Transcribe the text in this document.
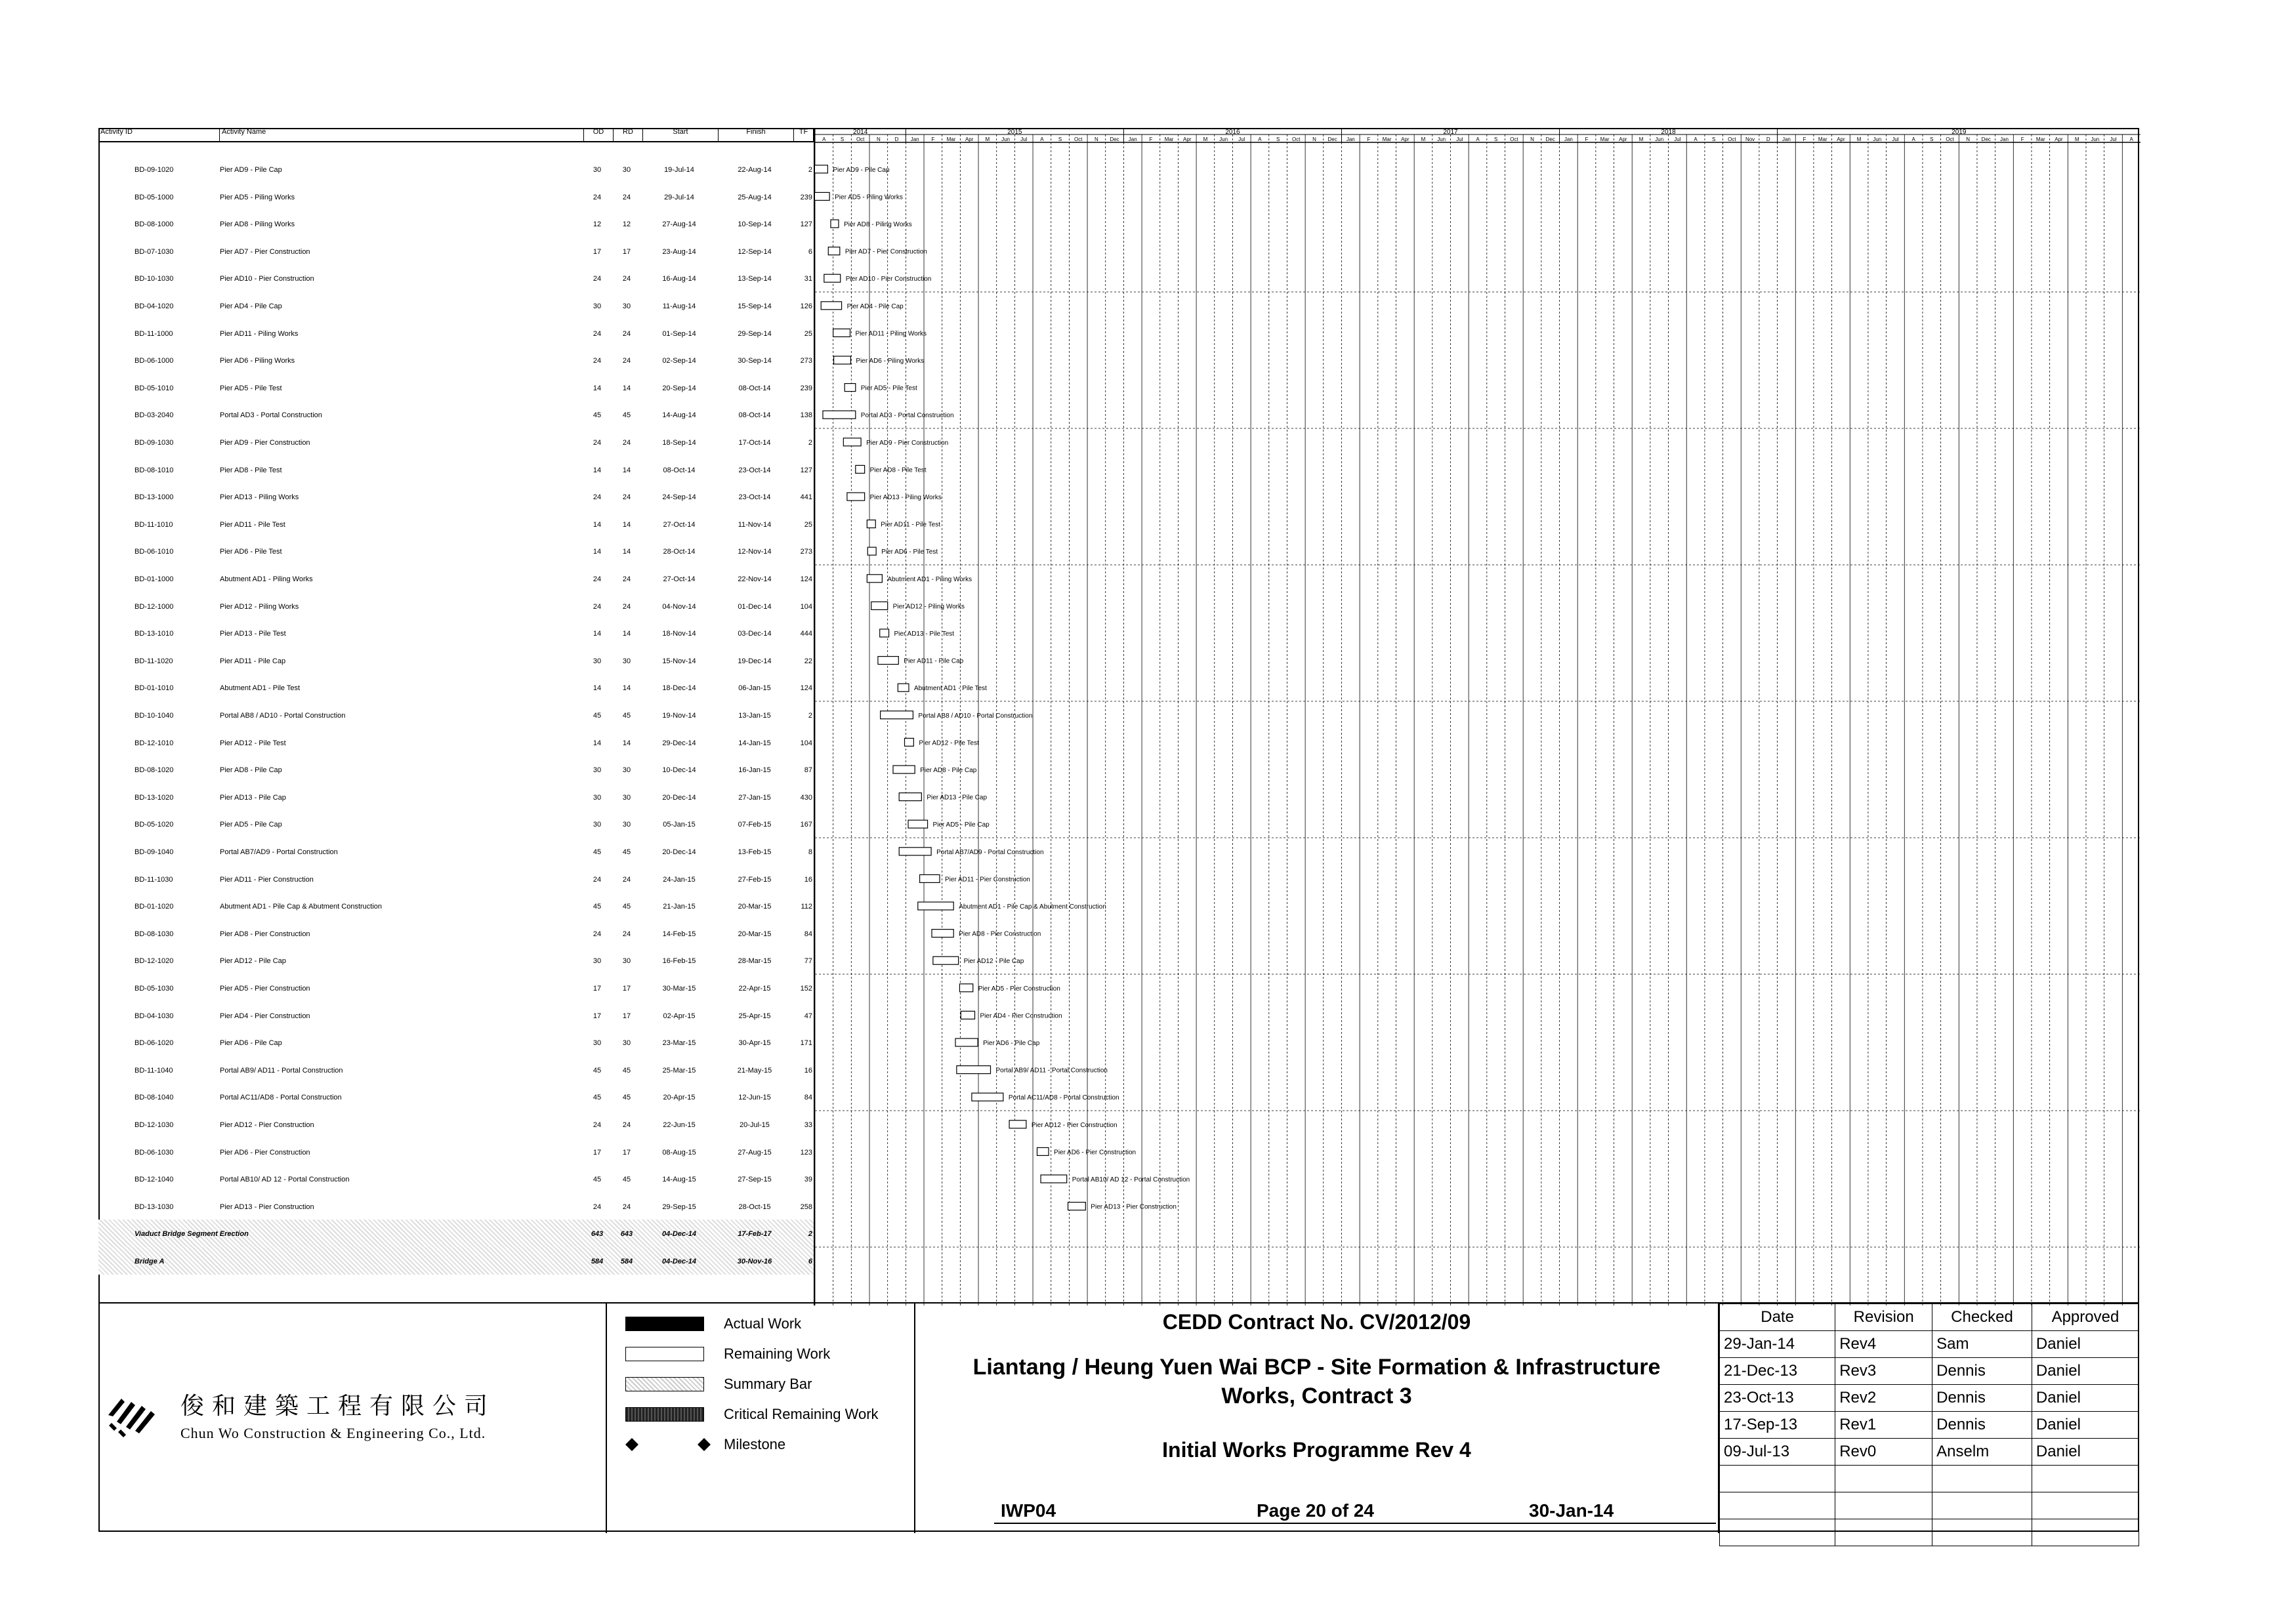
Activity ID	Activity Name	OD	RD	Start	Finish	TF
BD-09-1020	Pier AD9 - Pile Cap	30	30	19-Jul-14	22-Aug-14	2
BD-05-1000	Pier AD5 - Piling Works	24	24	29-Jul-14	25-Aug-14	239
BD-08-1000	Pier AD8 - Piling Works	12	12	27-Aug-14	10-Sep-14	127
BD-07-1030	Pier AD7 - Pier Construction	17	17	23-Aug-14	12-Sep-14	6
BD-10-1030	Pier AD10 - Pier Construction	24	24	16-Aug-14	13-Sep-14	31
BD-04-1020	Pier AD4 - Pile Cap	30	30	11-Aug-14	15-Sep-14	126
BD-11-1000	Pier AD11 - Piling Works	24	24	01-Sep-14	29-Sep-14	25
BD-06-1000	Pier AD6 - Piling Works	24	24	02-Sep-14	30-Sep-14	273
BD-05-1010	Pier AD5 - Pile Test	14	14	20-Sep-14	08-Oct-14	239
BD-03-2040	Portal AD3 - Portal Construction	45	45	14-Aug-14	08-Oct-14	138
BD-09-1030	Pier AD9 - Pier Construction	24	24	18-Sep-14	17-Oct-14	2
BD-08-1010	Pier AD8 - Pile Test	14	14	08-Oct-14	23-Oct-14	127
BD-13-1000	Pier AD13 - Piling Works	24	24	24-Sep-14	23-Oct-14	441
BD-11-1010	Pier AD11 - Pile Test	14	14	27-Oct-14	11-Nov-14	25
BD-06-1010	Pier AD6 - Pile Test	14	14	28-Oct-14	12-Nov-14	273
BD-01-1000	Abutment AD1 - Piling Works	24	24	27-Oct-14	22-Nov-14	124
BD-12-1000	Pier AD12 - Piling Works	24	24	04-Nov-14	01-Dec-14	104
BD-13-1010	Pier AD13 - Pile Test	14	14	18-Nov-14	03-Dec-14	444
BD-11-1020	Pier AD11 - Pile Cap	30	30	15-Nov-14	19-Dec-14	22
BD-01-1010	Abutment AD1 - Pile Test	14	14	18-Dec-14	06-Jan-15	124
BD-10-1040	Portal AB8 / AD10 - Portal Construction	45	45	19-Nov-14	13-Jan-15	2
BD-12-1010	Pier AD12 - Pile Test	14	14	29-Dec-14	14-Jan-15	104
BD-08-1020	Pier AD8 - Pile Cap	30	30	10-Dec-14	16-Jan-15	87
BD-13-1020	Pier AD13 - Pile Cap	30	30	20-Dec-14	27-Jan-15	430
BD-05-1020	Pier AD5 - Pile Cap	30	30	05-Jan-15	07-Feb-15	167
BD-09-1040	Portal AB7/AD9 - Portal Construction	45	45	20-Dec-14	13-Feb-15	8
BD-11-1030	Pier AD11 - Pier Construction	24	24	24-Jan-15	27-Feb-15	16
BD-01-1020	Abutment AD1 - Pile Cap & Abutment Construction	45	45	21-Jan-15	20-Mar-15	112
BD-08-1030	Pier AD8 - Pier Construction	24	24	14-Feb-15	20-Mar-15	84
BD-12-1020	Pier AD12 - Pile Cap	30	30	16-Feb-15	28-Mar-15	77
BD-05-1030	Pier AD5 - Pier Construction	17	17	30-Mar-15	22-Apr-15	152
BD-04-1030	Pier AD4 - Pier Construction	17	17	02-Apr-15	25-Apr-15	47
BD-06-1020	Pier AD6 - Pile Cap	30	30	23-Mar-15	30-Apr-15	171
BD-11-1040	Portal AB9/ AD11 - Portal Construction	45	45	25-Mar-15	21-May-15	16
BD-08-1040	Portal AC11/AD8 - Portal Construction	45	45	20-Apr-15	12-Jun-15	84
BD-12-1030	Pier AD12 - Pier Construction	24	24	22-Jun-15	20-Jul-15	33
BD-06-1030	Pier AD6 - Pier Construction	17	17	08-Aug-15	27-Aug-15	123
BD-12-1040	Portal AB10/ AD 12 - Portal Construction	45	45	14-Aug-15	27-Sep-15	39
BD-13-1030	Pier AD13 - Pier Construction	24	24	29-Sep-15	28-Oct-15	258
Viaduct Bridge Segment Erection	643	643	04-Dec-14	17-Feb-17	2
Bridge A	584	584	04-Dec-14	30-Nov-16	6
2014	2015	2016	2017	2018	2019
A	S Oct N	D Jan F Mar Apr M Jun Jul A	S Oct N Dec Jan F Mar Apr M Jun Jul A	S Oct N Dec Jan F Mar Apr M Jun Jul A	S Oct N Dec Jan F Mar Apr M Jun Jul A	S Oct Nov D Jan F Mar Apr M Jun Jul A	S Oct N Dec Jan F Mar Apr M Jun Jul A
Pier AD9 - Pile Cap
Pier AD5 - Piling Works
Pier AD8 - Piling Works
Pier AD7 - Pier Construction
Pier AD10 - Pier Construction
Pier AD4 - Pile Cap
Pier AD11 - Piling Works
Pier AD6 - Piling Works
Pier AD5 - Pile Test
Portal AD3 - Portal Construction
Pier AD9 - Pier Construction
Pier AD8 - Pile Test
Pier AD13 - Piling Works
Pier AD11 - Pile Test
Pier AD6 - Pile Test
Abutment AD1 - Piling Works
Pier AD12 - Piling Works
Pier AD13 - Pile Test
Pier AD11 - Pile Cap
Abutment AD1 - Pile Test
Portal AB8 / AD10 - Portal Construction
Pier AD12 - Pile Test
Pier AD8 - Pile Cap
Pier AD13 - Pile Cap
Pier AD5 - Pile Cap
Portal AB7/AD9 - Portal Construction
Pier AD11 - Pier Construction
Abutment AD1 - Pile Cap & Abutment Construction
Pier AD8 - Pier Construction
Pier AD12 - Pile Cap
Pier AD5 - Pier Construction
Pier AD4 - Pier Construction
Pier AD6 - Pile Cap
Portal AB9/ AD11 - Portal Construction
Portal AC11/AD8 - Portal Construction
Pier AD12 - Pier Construction
Pier AD6 - Pier Construction
Portal AB10/ AD 12 - Portal Construction
Pier AD13 - Pier Construction
俊和建築工程有限公司
Chun Wo Construction & Engineering Co., Ltd.
Actual Work
Remaining Work
Summary Bar
Critical Remaining Work
Milestone
CEDD Contract No. CV/2012/09
Liantang / Heung Yuen Wai BCP - Site Formation & Infrastructure Works, Contract 3
Initial Works Programme Rev 4
IWP04	Page 20 of 24	30-Jan-14
Date	Revision	Checked	Approved
29-Jan-14	Rev4	Sam	Daniel
21-Dec-13	Rev3	Dennis	Daniel
23-Oct-13	Rev2	Dennis	Daniel
17-Sep-13	Rev1	Dennis	Daniel
09-Jul-13	Rev0	Anselm	Daniel
